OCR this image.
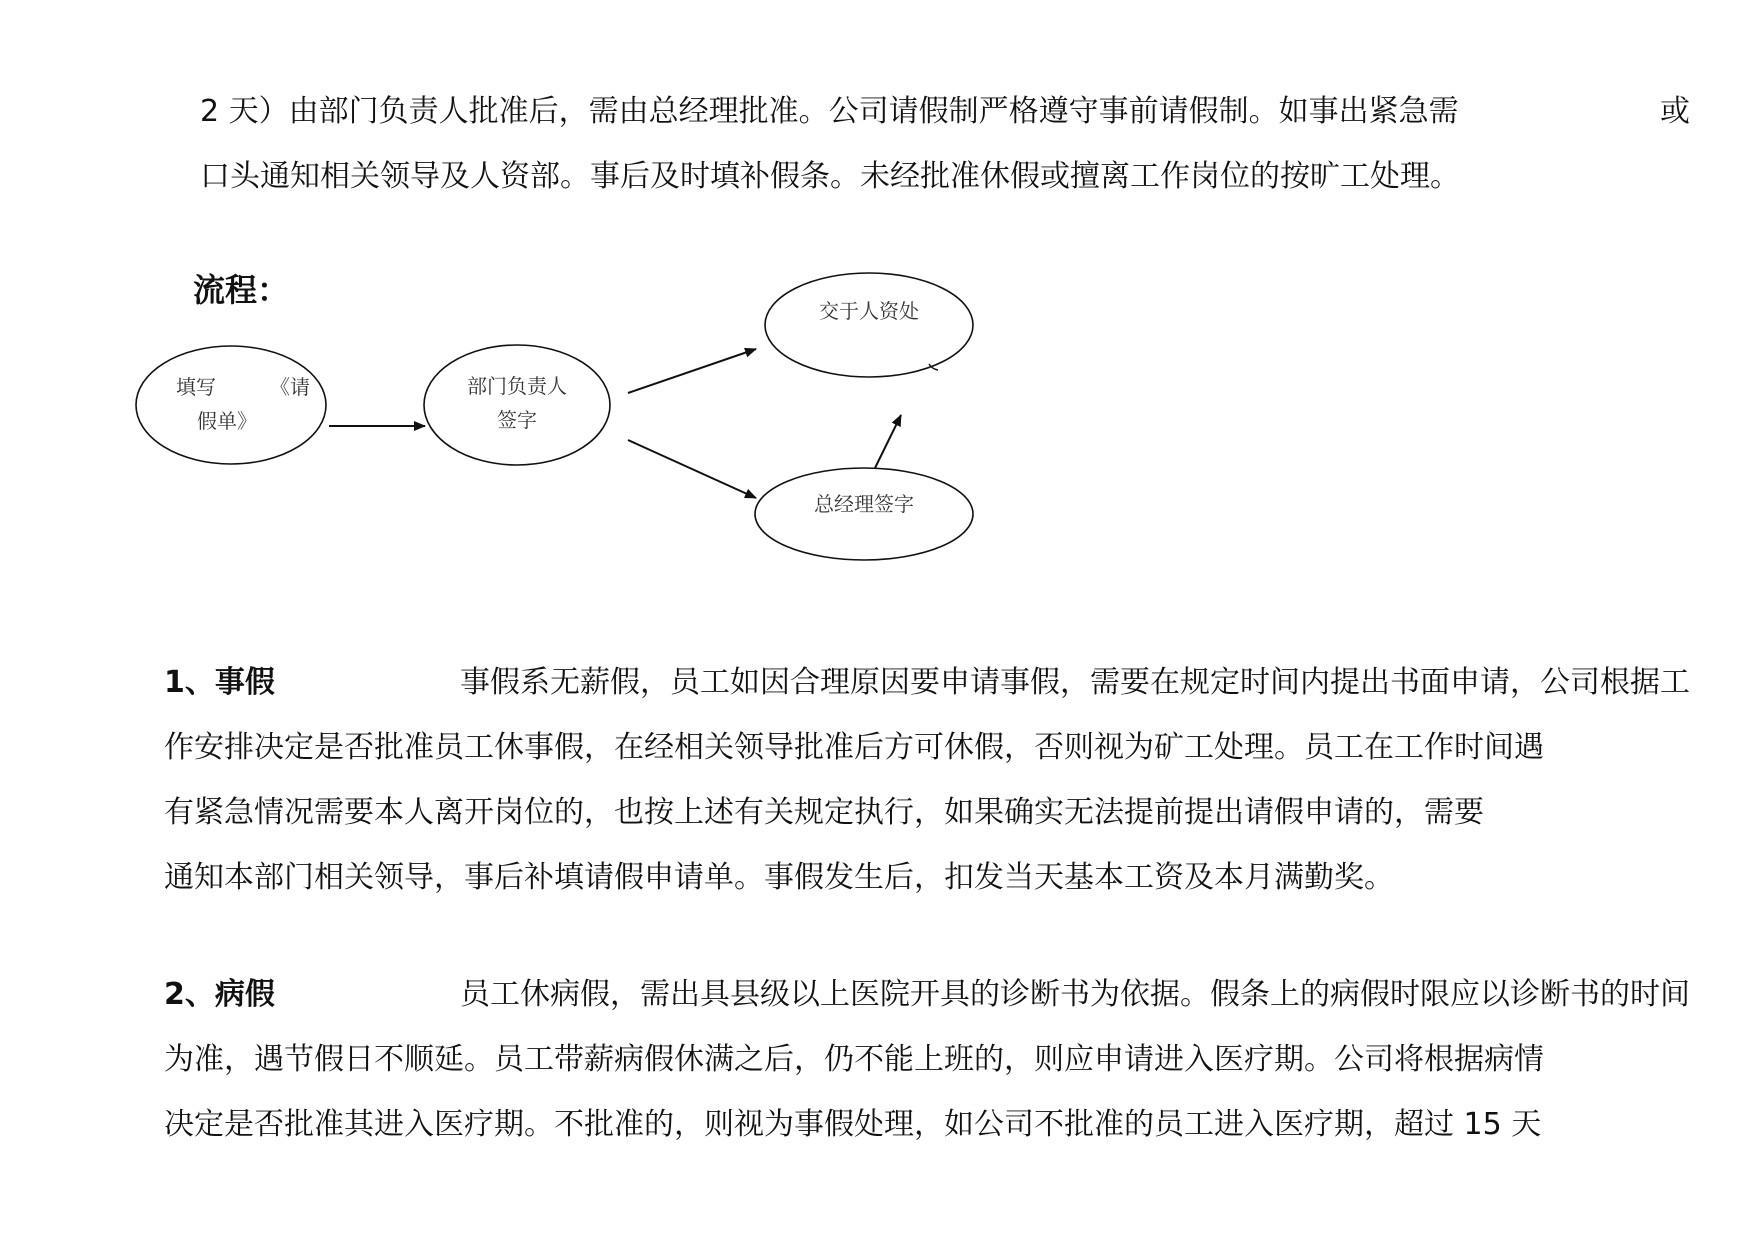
2 天）由部门负责人批准后，需由总经理批准。公司请假制严格遵守事前请假制。如事出紧急需	或
口头通知相关领导及人资部。事后及时填补假条。未经批准休假或擅离工作岗位的按旷工处理。
流程：
填写	《请
假单》
部门负责人
签字
交于人资处
总经理签字
1、事假	事假系无薪假，员工如因合理原因要申请事假，需要在规定时间内提出书面申请，公司根据工
作安排决定是否批准员工休事假，在经相关领导批准后方可休假，否则视为矿工处理。员工在工作时间遇
有紧急情况需要本人离开岗位的，也按上述有关规定执行，如果确实无法提前提出请假申请的，需要
通知本部门相关领导，事后补填请假申请单。事假发生后，扣发当天基本工资及本月满勤奖。
2、病假	员工休病假，需出具县级以上医院开具的诊断书为依据。假条上的病假时限应以诊断书的时间
为准，遇节假日不顺延。员工带薪病假休满之后，仍不能上班的，则应申请进入医疗期。公司将根据病情
决定是否批准其进入医疗期。不批准的，则视为事假处理，如公司不批准的员工进入医疗期，超过 15 天
